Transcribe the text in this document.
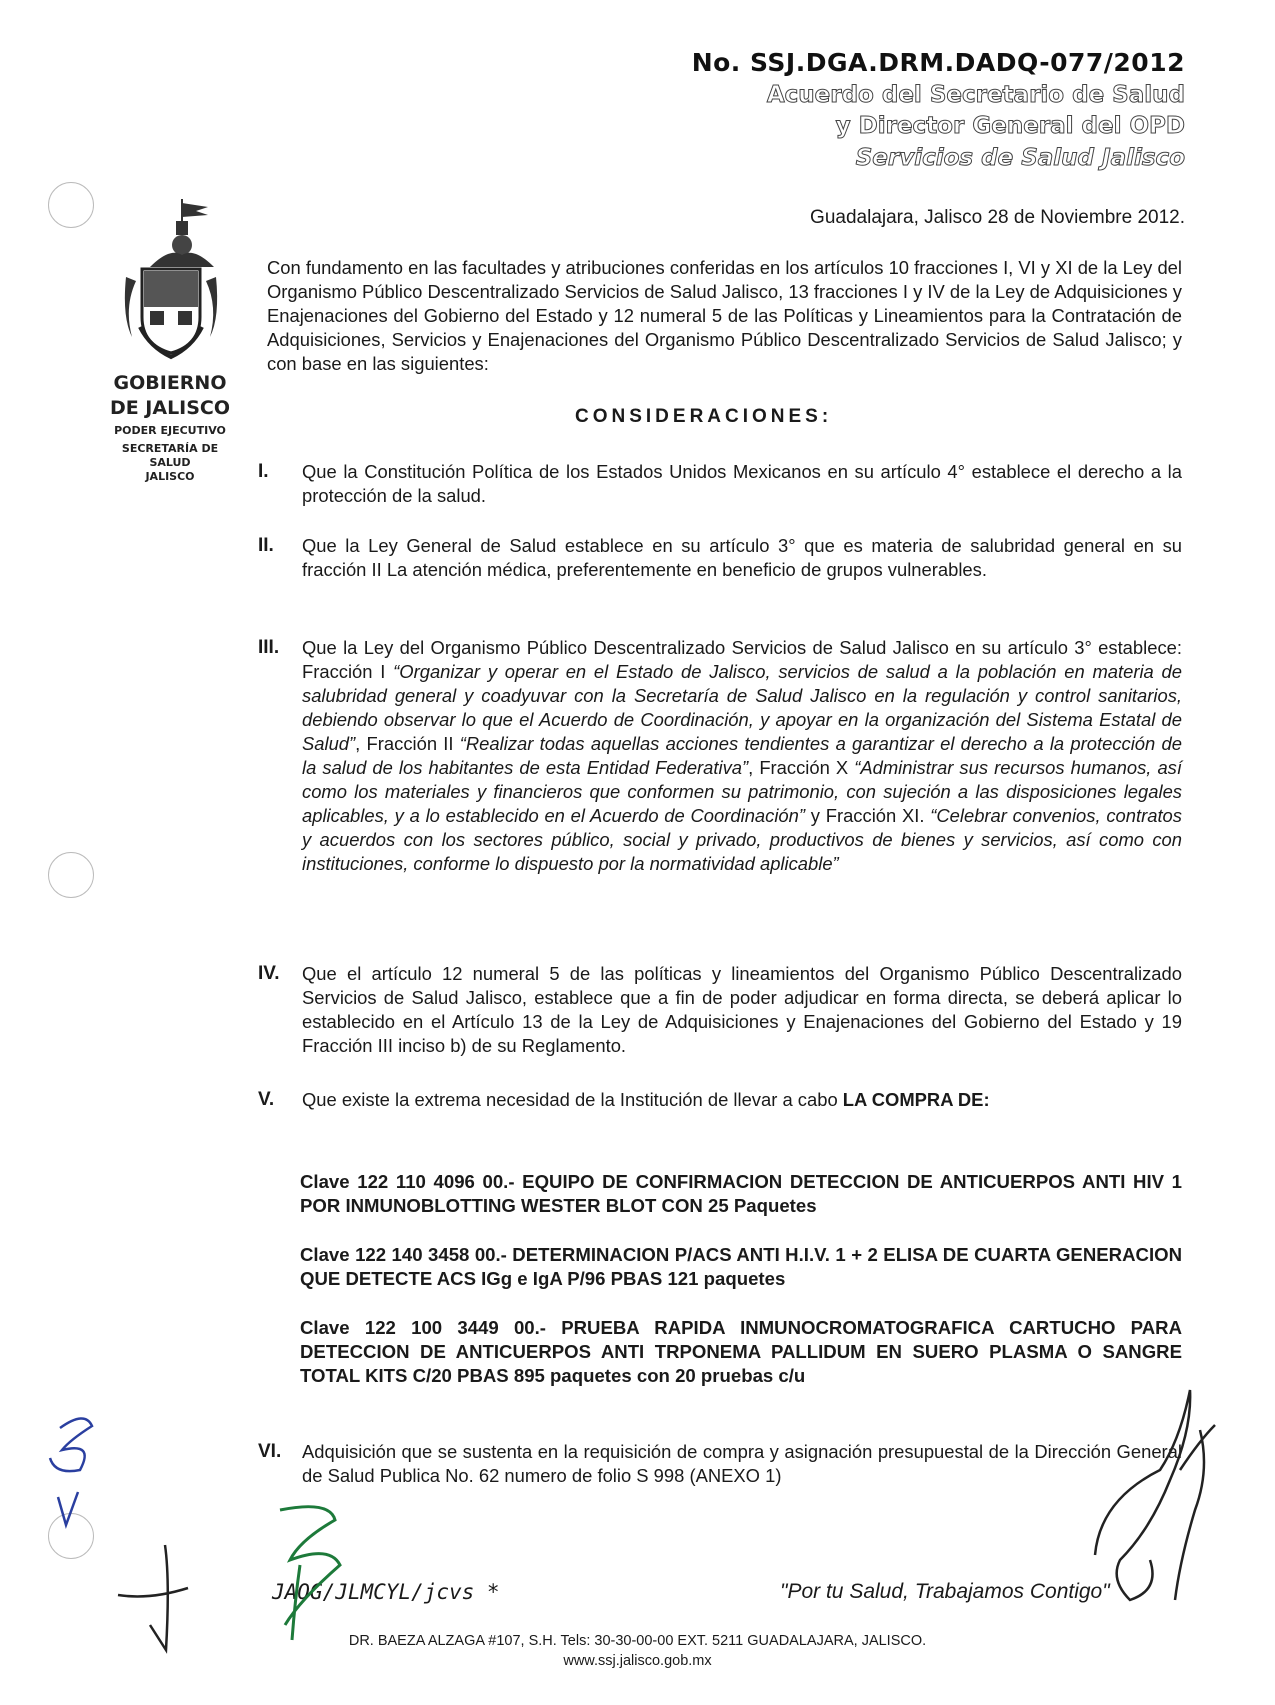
No. SSJ.DGA.DRM.DADQ-077/2012
Acuerdo del Secretario de Salud
y Director General del OPD
Servicios de Salud Jalisco
Guadalajara, Jalisco 28 de Noviembre 2012.
GOBIERNO
DE JALISCO
PODER EJECUTIVO
SECRETARÍA DE
SALUD
JALISCO
Con fundamento en las facultades y atribuciones conferidas en los artículos 10 fracciones I, VI y XI de la Ley del Organismo Público Descentralizado Servicios de Salud Jalisco, 13 fracciones I y IV de la Ley de Adquisiciones y Enajenaciones del Gobierno del Estado y 12 numeral 5 de las Políticas y Lineamientos para la Contratación de Adquisiciones, Servicios y Enajenaciones del Organismo Público Descentralizado Servicios de Salud Jalisco; y con base en las siguientes:
CONSIDERACIONES:
I. Que la Constitución Política de los Estados Unidos Mexicanos en su artículo 4° establece el derecho a la protección de la salud.
II. Que la Ley General de Salud establece en su artículo 3° que es materia de salubridad general en su fracción II La atención médica, preferentemente en beneficio de grupos vulnerables.
III. Que la Ley del Organismo Público Descentralizado Servicios de Salud Jalisco en su artículo 3° establece: Fracción I “Organizar y operar en el Estado de Jalisco, servicios de salud a la población en materia de salubridad general y coadyuvar con la Secretaría de Salud Jalisco en la regulación y control sanitarios, debiendo observar lo que el Acuerdo de Coordinación, y apoyar en la organización del Sistema Estatal de Salud”, Fracción II “Realizar todas aquellas acciones tendientes a garantizar el derecho a la protección de la salud de los habitantes de esta Entidad Federativa”, Fracción X “Administrar sus recursos humanos, así como los materiales y financieros que conformen su patrimonio, con sujeción a las disposiciones legales aplicables, y a lo establecido en el Acuerdo de Coordinación” y Fracción XI. “Celebrar convenios, contratos y acuerdos con los sectores público, social y privado, productivos de bienes y servicios, así como con instituciones, conforme lo dispuesto por la normatividad aplicable”
IV. Que el artículo 12 numeral 5 de las políticas y lineamientos del Organismo Público Descentralizado Servicios de Salud Jalisco, establece que a fin de poder adjudicar en forma directa, se deberá aplicar lo establecido en el Artículo 13 de la Ley de Adquisiciones y Enajenaciones del Gobierno del Estado y 19 Fracción III inciso b) de su Reglamento.
V. Que existe la extrema necesidad de la Institución de llevar a cabo LA COMPRA DE:
Clave 122 110 4096 00.- EQUIPO DE CONFIRMACION DETECCION DE ANTICUERPOS ANTI HIV 1 POR INMUNOBLOTTING WESTER BLOT CON 25 Paquetes
Clave 122 140 3458 00.- DETERMINACION P/ACS ANTI H.I.V. 1 + 2 ELISA DE CUARTA GENERACION QUE DETECTE ACS IGg e IgA P/96 PBAS 121 paquetes
Clave 122 100 3449 00.- PRUEBA RAPIDA INMUNOCROMATOGRAFICA CARTUCHO PARA DETECCION DE ANTICUERPOS ANTI TRPONEMA PALLIDUM EN SUERO PLASMA O SANGRE TOTAL KITS C/20 PBAS 895 paquetes con 20 pruebas c/u
VI. Adquisición que se sustenta en la requisición de compra y asignación presupuestal de la Dirección General de Salud Publica No. 62 numero de folio S 998 (ANEXO 1)
JAOG/JLMCYL/jcvs *	"Por tu Salud, Trabajamos Contigo"
DR. BAEZA ALZAGA #107, S.H. Tels: 30-30-00-00 EXT. 5211 GUADALAJARA, JALISCO.
www.ssj.jalisco.gob.mx
